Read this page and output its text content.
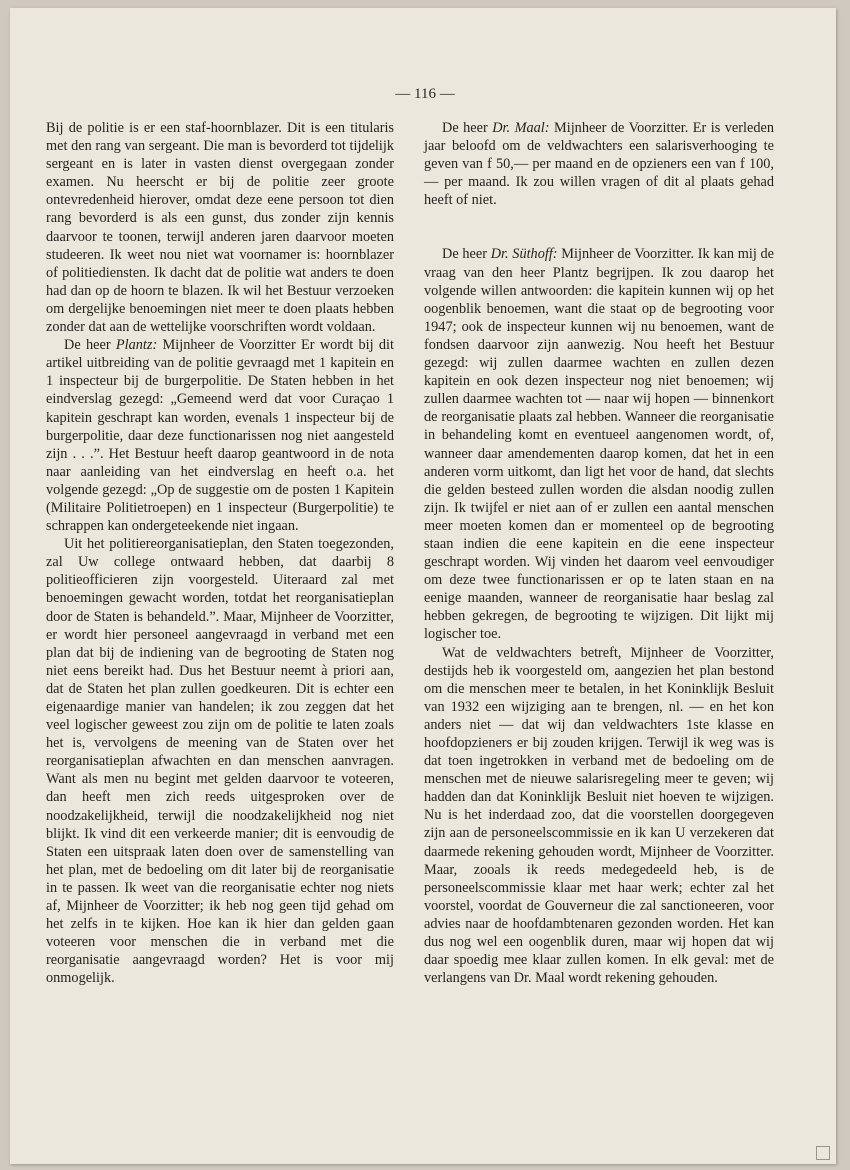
— 116 —

Bij de politie is er een staf-hoornblazer. Dit is een titularis met den rang van sergeant. Die man is bevorderd tot tijdelijk sergeant en is later in vasten dienst overgegaan zonder examen. Nu heerscht er bij de politie zeer groote ontevredenheid hierover, omdat deze eene persoon tot dien rang bevorderd is als een gunst, dus zonder zijn kennis daarvoor te toonen, terwijl anderen jaren daarvoor moeten studeeren. Ik weet nou niet wat voornamer is: hoornblazer of politiediensten. Ik dacht dat de politie wat anders te doen had dan op de hoorn te blazen. Ik wil het Bestuur verzoeken om dergelijke benoemingen niet meer te doen plaats hebben zonder dat aan de wettelijke voorschriften wordt voldaan.

De heer Plantz: Mijnheer de Voorzitter Er wordt bij dit artikel uitbreiding van de politie gevraagd met 1 kapitein en 1 inspecteur bij de burgerpolitie. De Staten hebben in het eindverslag gezegd: „Gemeend werd dat voor Curaçao 1 kapitein geschrapt kan worden, evenals 1 inspecteur bij de burgerpolitie, daar deze functionarissen nog niet aangesteld zijn . . .”. Het Bestuur heeft daarop geantwoord in de nota naar aanleiding van het eindverslag en heeft o.a. het volgende gezegd: „Op de suggestie om de posten 1 Kapitein (Militaire Politietroepen) en 1 inspecteur (Burgerpolitie) te schrappen kan ondergeteekende niet ingaan.

Uit het politiereorganisatieplan, den Staten toegezonden, zal Uw college ontwaard hebben, dat daarbij 8 politieofficieren zijn voorgesteld. Uiteraard zal met benoemingen gewacht worden, totdat het reorganisatieplan door de Staten is behandeld.”. Maar, Mijnheer de Voorzitter, er wordt hier personeel aangevraagd in verband met een plan dat bij de indiening van de begrooting de Staten nog niet eens bereikt had. Dus het Bestuur neemt à priori aan, dat de Staten het plan zullen goedkeuren. Dit is echter een eigenaardige manier van handelen; ik zou zeggen dat het veel logischer geweest zou zijn om de politie te laten zoals het is, vervolgens de meening van de Staten over het reorganisatieplan afwachten en dan menschen aanvragen. Want als men nu begint met gelden daarvoor te voteeren, dan heeft men zich reeds uitgesproken over de noodzakelijkheid, terwijl die noodzakelijkheid nog niet blijkt. Ik vind dit een verkeerde manier; dit is eenvoudig de Staten een uitspraak laten doen over de samenstelling van het plan, met de bedoeling om dit later bij de reorganisatie in te passen. Ik weet van die reorganisatie echter nog niets af, Mijnheer de Voorzitter; ik heb nog geen tijd gehad om het zelfs in te kijken. Hoe kan ik hier dan gelden gaan voteeren voor menschen die in verband met die reorganisatie aangevraagd worden? Het is voor mij onmogelijk.

De heer Dr. Maal: Mijnheer de Voorzitter. Er is verleden jaar beloofd om de veldwachters een salarisverhooging te geven van f 50,— per maand en de opzieners een van f 100,— per maand. Ik zou willen vragen of dit al plaats gehad heeft of niet.

De heer Dr. Süthoff: Mijnheer de Voorzitter. Ik kan mij de vraag van den heer Plantz begrijpen. Ik zou daarop het volgende willen antwoorden: die kapitein kunnen wij op het oogenblik benoemen, want die staat op de begrooting voor 1947; ook de inspecteur kunnen wij nu benoemen, want de fondsen daarvoor zijn aanwezig. Nou heeft het Bestuur gezegd: wij zullen daarmee wachten en zullen dezen kapitein en ook dezen inspecteur nog niet benoemen; wij zullen daarmee wachten tot — naar wij hopen — binnenkort de reorganisatie plaats zal hebben. Wanneer die reorganisatie in behandeling komt en eventueel aangenomen wordt, of, wanneer daar amendementen daarop komen, dat het in een anderen vorm uitkomt, dan ligt het voor de hand, dat slechts die gelden besteed zullen worden die alsdan noodig zullen zijn. Ik twijfel er niet aan of er zullen een aantal menschen meer moeten komen dan er momenteel op de begrooting staan indien die eene kapitein en die eene inspecteur geschrapt worden. Wij vinden het daarom veel eenvoudiger om deze twee functionarissen er op te laten staan en na eenige maanden, wanneer de reorganisatie haar beslag zal hebben gekregen, de begrooting te wijzigen. Dit lijkt mij logischer toe.

Wat de veldwachters betreft, Mijnheer de Voorzitter, destijds heb ik voorgesteld om, aangezien het plan bestond om die menschen meer te betalen, in het Koninklijk Besluit van 1932 een wijziging aan te brengen, nl. — en het kon anders niet — dat wij dan veldwachters 1ste klasse en hoofdopzieners er bij zouden krijgen. Terwijl ik weg was is dat toen ingetrokken in verband met de bedoeling om de menschen met de nieuwe salarisregeling meer te geven; wij hadden dan dat Koninklijk Besluit niet hoeven te wijzigen. Nu is het inderdaad zoo, dat die voorstellen doorgegeven zijn aan de personeelscommissie en ik kan U verzekeren dat daarmede rekening gehouden wordt, Mijnheer de Voorzitter. Maar, zooals ik reeds medegedeeld heb, is de personeelscommissie klaar met haar werk; echter zal het voorstel, voordat de Gouverneur die zal sanctioneeren, voor advies naar de hoofdambtenaren gezonden worden. Het kan dus nog wel een oogenblik duren, maar wij hopen dat wij daar spoedig mee klaar zullen komen. In elk geval: met de verlangens van Dr. Maal wordt rekening gehouden.
